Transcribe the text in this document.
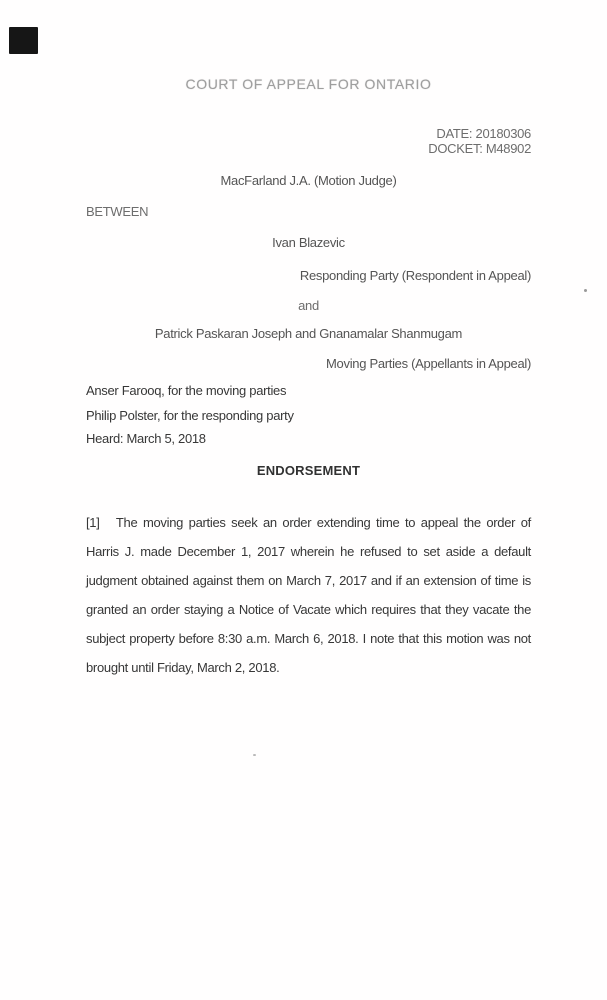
COURT OF APPEAL FOR ONTARIO
DATE: 20180306
DOCKET: M48902
MacFarland J.A. (Motion Judge)
BETWEEN
Ivan Blazevic
Responding Party (Respondent in Appeal)
and
Patrick Paskaran Joseph and Gnanamalar Shanmugam
Moving Parties (Appellants in Appeal)
Anser Farooq, for the moving parties
Philip Polster, for the responding party
Heard: March 5, 2018
ENDORSEMENT
[1] The moving parties seek an order extending time to appeal the order of
Harris J. made December 1, 2017 wherein he refused to set aside a default
judgment obtained against them on March 7, 2017 and if an extension of time is
granted an order staying a Notice of Vacate which requires that they vacate the
subject property before 8:30 a.m. March 6, 2018. I note that this motion was not
brought until Friday, March 2, 2018.
